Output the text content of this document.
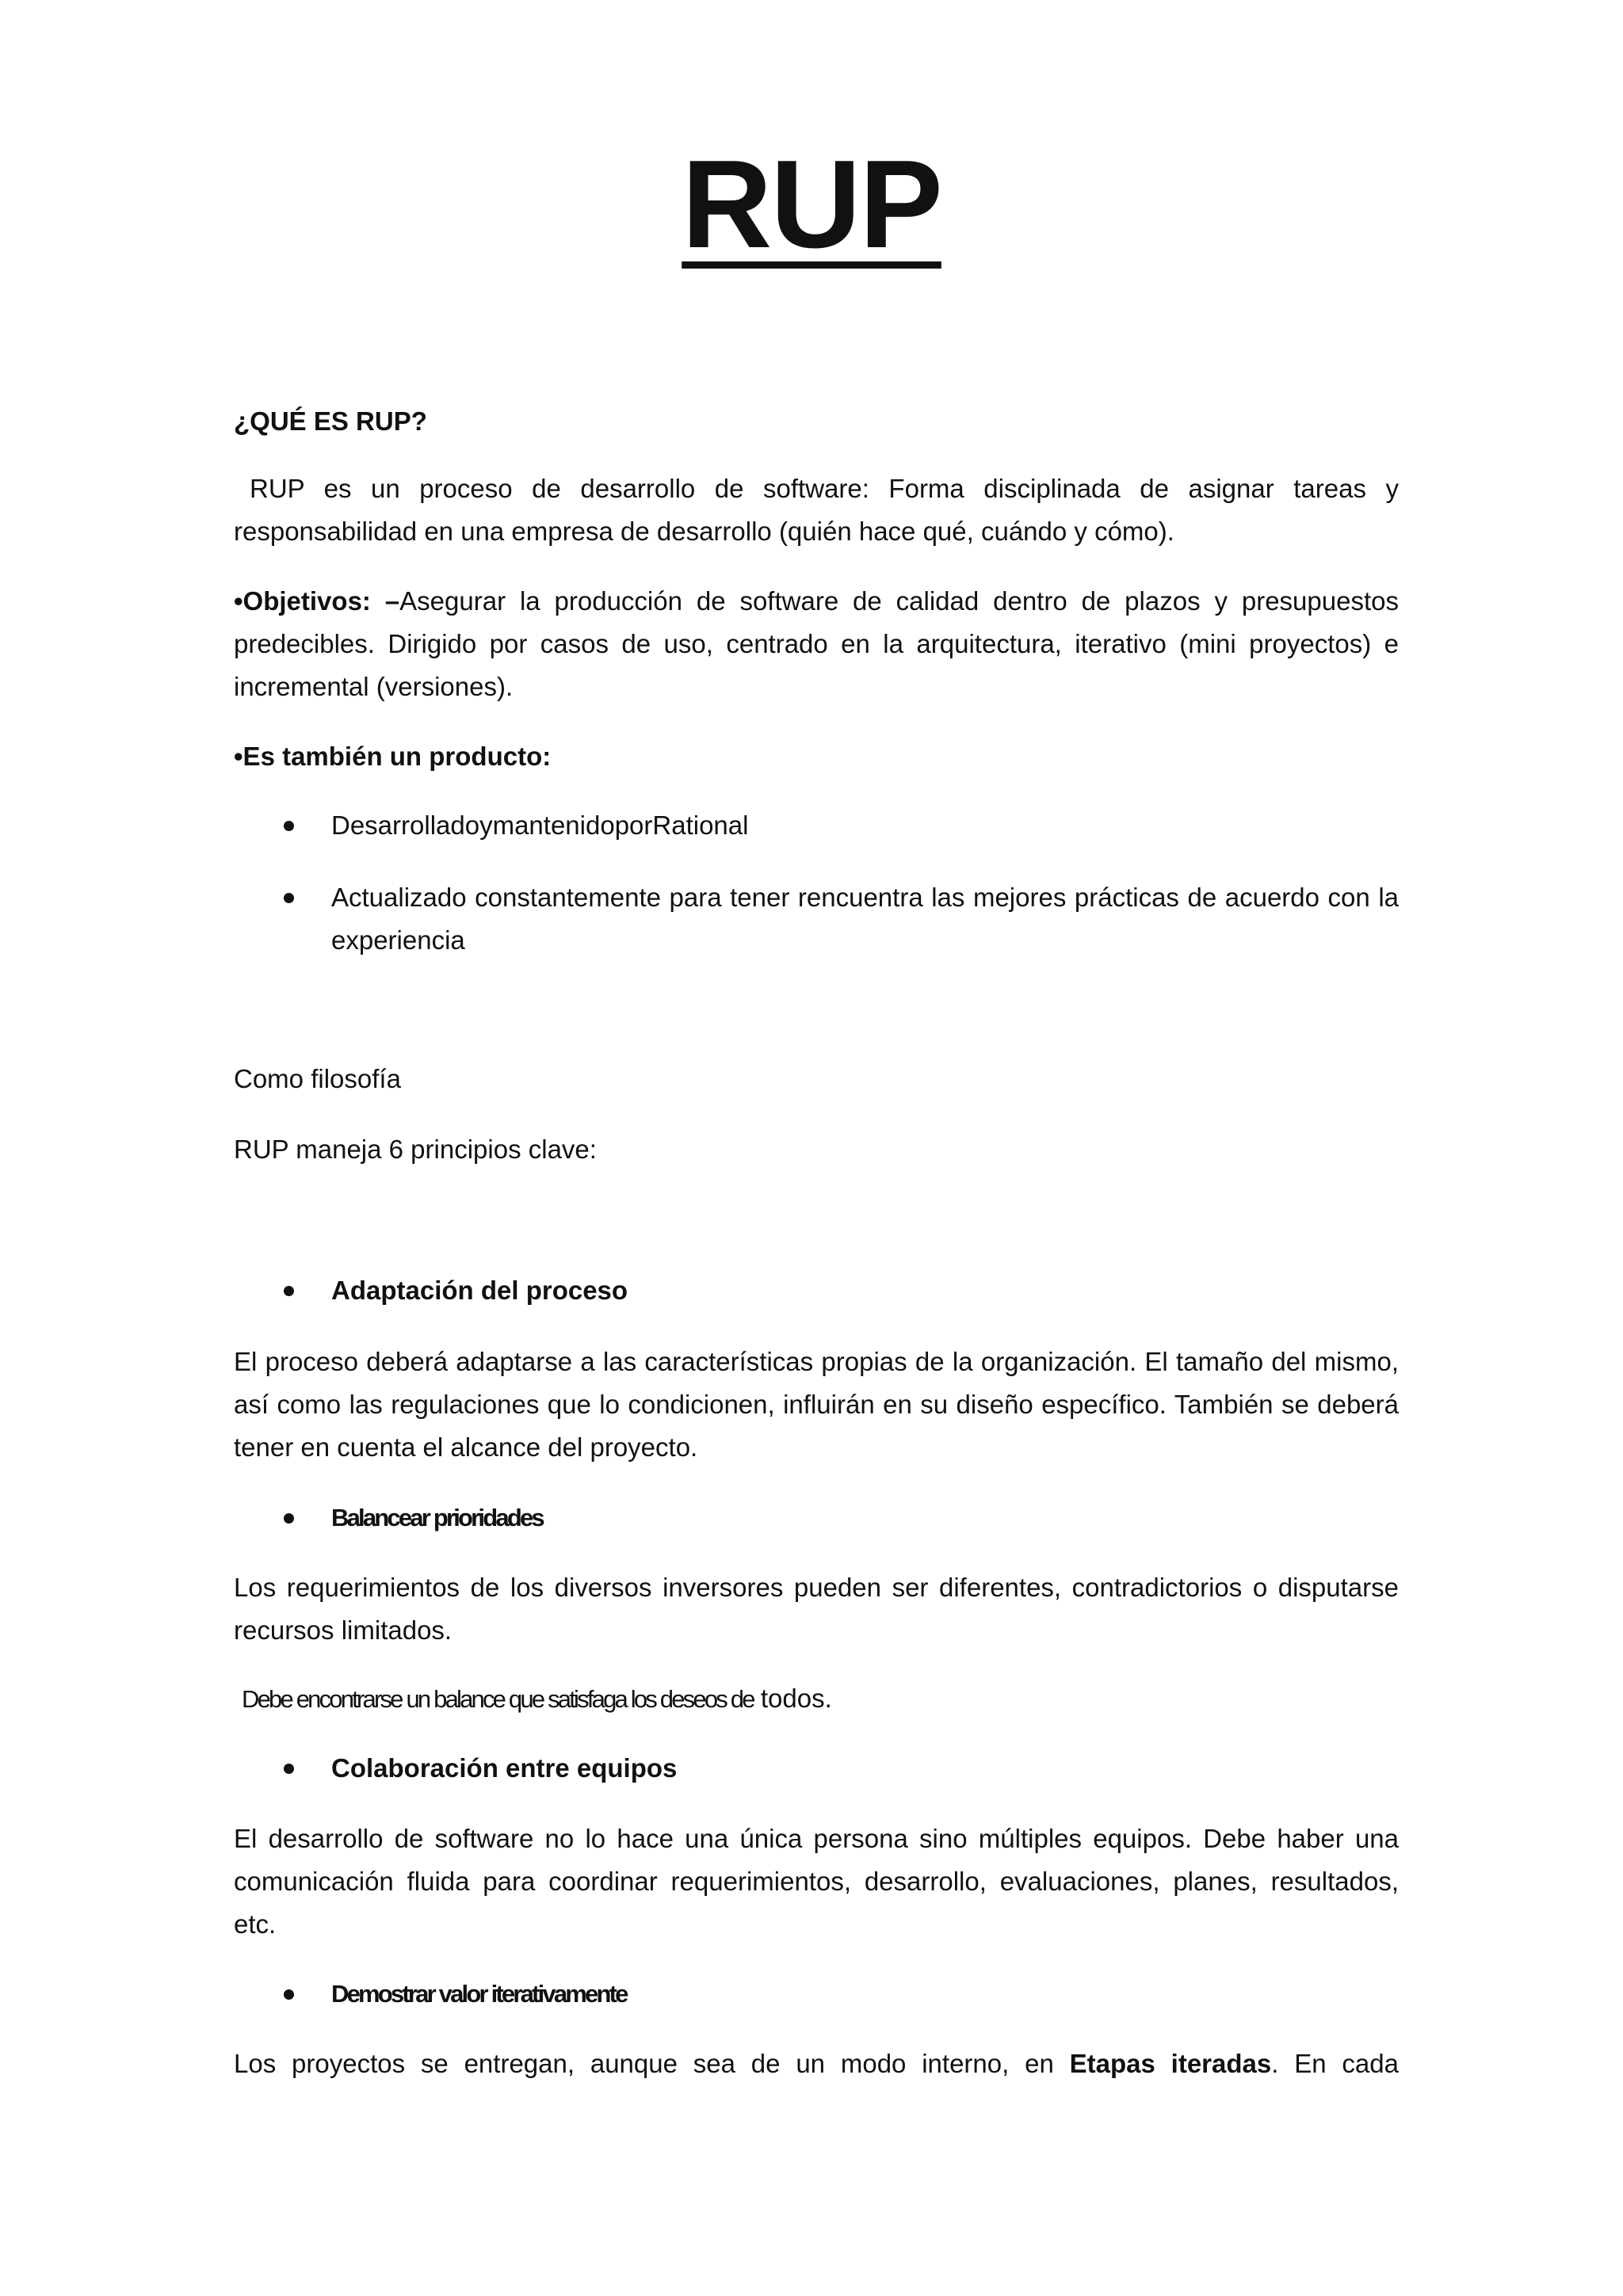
RUP
¿QUÉ ES RUP?
RUP es un proceso de desarrollo de software: Forma disciplinada de asignar tareas y responsabilidad en una empresa de desarrollo (quién hace qué, cuándo y cómo).
•Objetivos: –Asegurar la producción de software de calidad dentro de plazos y presupuestos predecibles. Dirigido por casos de uso, centrado en la arquitectura, iterativo (mini proyectos) e incremental (versiones).
•Es también un producto:
DesarrolladoymantenidoporRational
Actualizado constantemente para tener rencuentra las mejores prácticas de acuerdo con la experiencia
Como filosofía
RUP maneja 6 principios clave:
Adaptación del proceso
El proceso deberá adaptarse a las características propias de la organización. El tamaño del mismo, así como las regulaciones que lo condicionen, influirán en su diseño específico. También se deberá tener en cuenta el alcance del proyecto.
Balancear prioridades
Los requerimientos de los diversos inversores pueden ser diferentes, contradictorios o disputarse recursos limitados.
Debe encontrarse un balance que satisfaga los deseos de todos.
Colaboración entre equipos
El desarrollo de software no lo hace una única persona sino múltiples equipos. Debe haber una comunicación fluida para coordinar requerimientos, desarrollo, evaluaciones, planes, resultados, etc.
Demostrar valor iterativamente
Los proyectos se entregan, aunque sea de un modo interno, en Etapas iteradas. En cada
